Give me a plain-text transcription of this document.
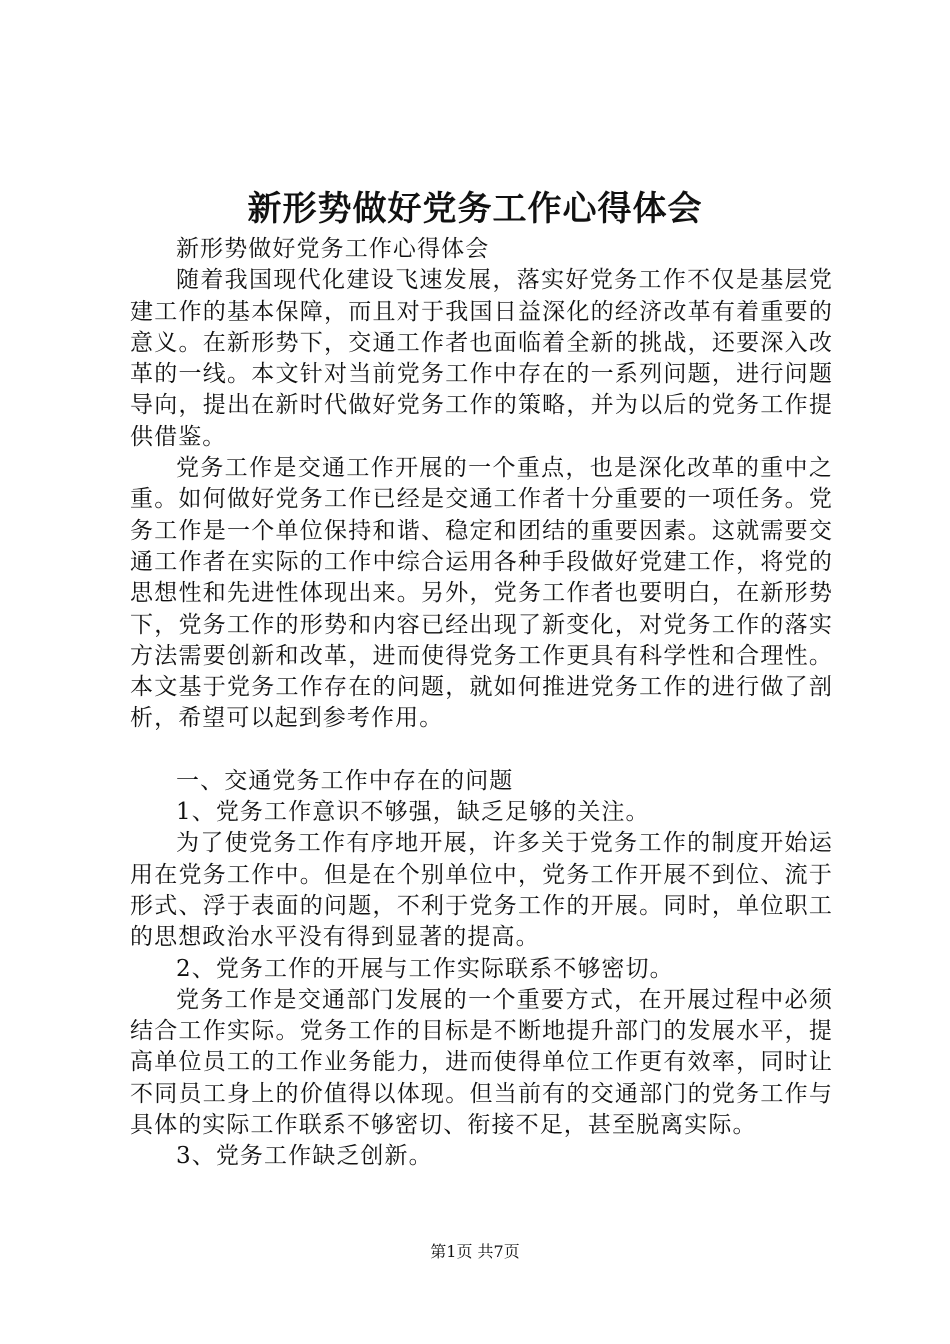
新形势做好党务工作心得体会

新形势做好党务工作心得体会

随着我国现代化建设飞速发展，落实好党务工作不仅是基层党建工作的基本保障，而且对于我国日益深化的经济改革有着重要的意义。在新形势下，交通工作者也面临着全新的挑战，还要深入改革的一线。本文针对当前党务工作中存在的一系列问题，进行问题导向，提出在新时代做好党务工作的策略，并为以后的党务工作提供借鉴。

党务工作是交通工作开展的一个重点，也是深化改革的重中之重。如何做好党务工作已经是交通工作者十分重要的一项任务。党务工作是一个单位保持和谐、稳定和团结的重要因素。这就需要交通工作者在实际的工作中综合运用各种手段做好党建工作，将党的思想性和先进性体现出来。另外，党务工作者也要明白，在新形势下，党务工作的形势和内容已经出现了新变化，对党务工作的落实方法需要创新和改革，进而使得党务工作更具有科学性和合理性。本文基于党务工作存在的问题，就如何推进党务工作的进行做了剖析，希望可以起到参考作用。

一、交通党务工作中存在的问题

1、党务工作意识不够强，缺乏足够的关注。

为了使党务工作有序地开展，许多关于党务工作的制度开始运用在党务工作中。但是在个别单位中，党务工作开展不到位、流于形式、浮于表面的问题，不利于党务工作的开展。同时，单位职工的思想政治水平没有得到显著的提高。

2、党务工作的开展与工作实际联系不够密切。

党务工作是交通部门发展的一个重要方式，在开展过程中必须结合工作实际。党务工作的目标是不断地提升部门的发展水平，提高单位员工的工作业务能力，进而使得单位工作更有效率，同时让不同员工身上的价值得以体现。但当前有的交通部门的党务工作与具体的实际工作联系不够密切、衔接不足，甚至脱离实际。

3、党务工作缺乏创新。

第1页 共7页
